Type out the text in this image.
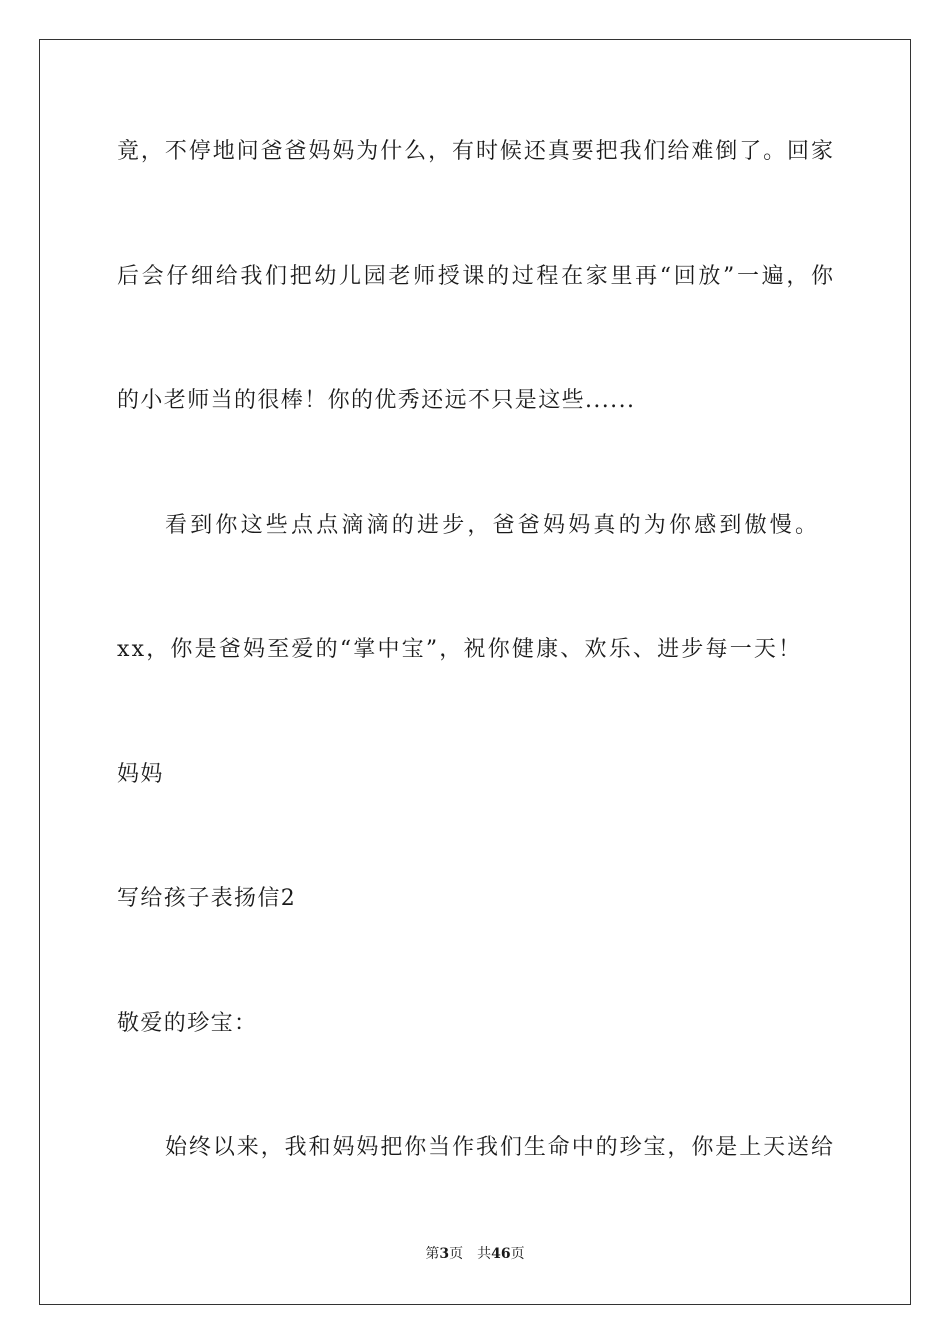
竟，不停地问爸爸妈妈为什么，有时候还真要把我们给难倒了。回家
后会仔细给我们把幼儿园老师授课的过程在家里再“回放”一遍，你
的小老师当的很棒！你的优秀还远不只是这些......
看到你这些点点滴滴的进步，爸爸妈妈真的为你感到傲慢。
xx，你是爸妈至爱的“掌中宝”，祝你健康、欢乐、进步每一天！
妈妈
写给孩子表扬信2
敬爱的珍宝：
始终以来，我和妈妈把你当作我们生命中的珍宝，你是上天送给
第3页 共46页
